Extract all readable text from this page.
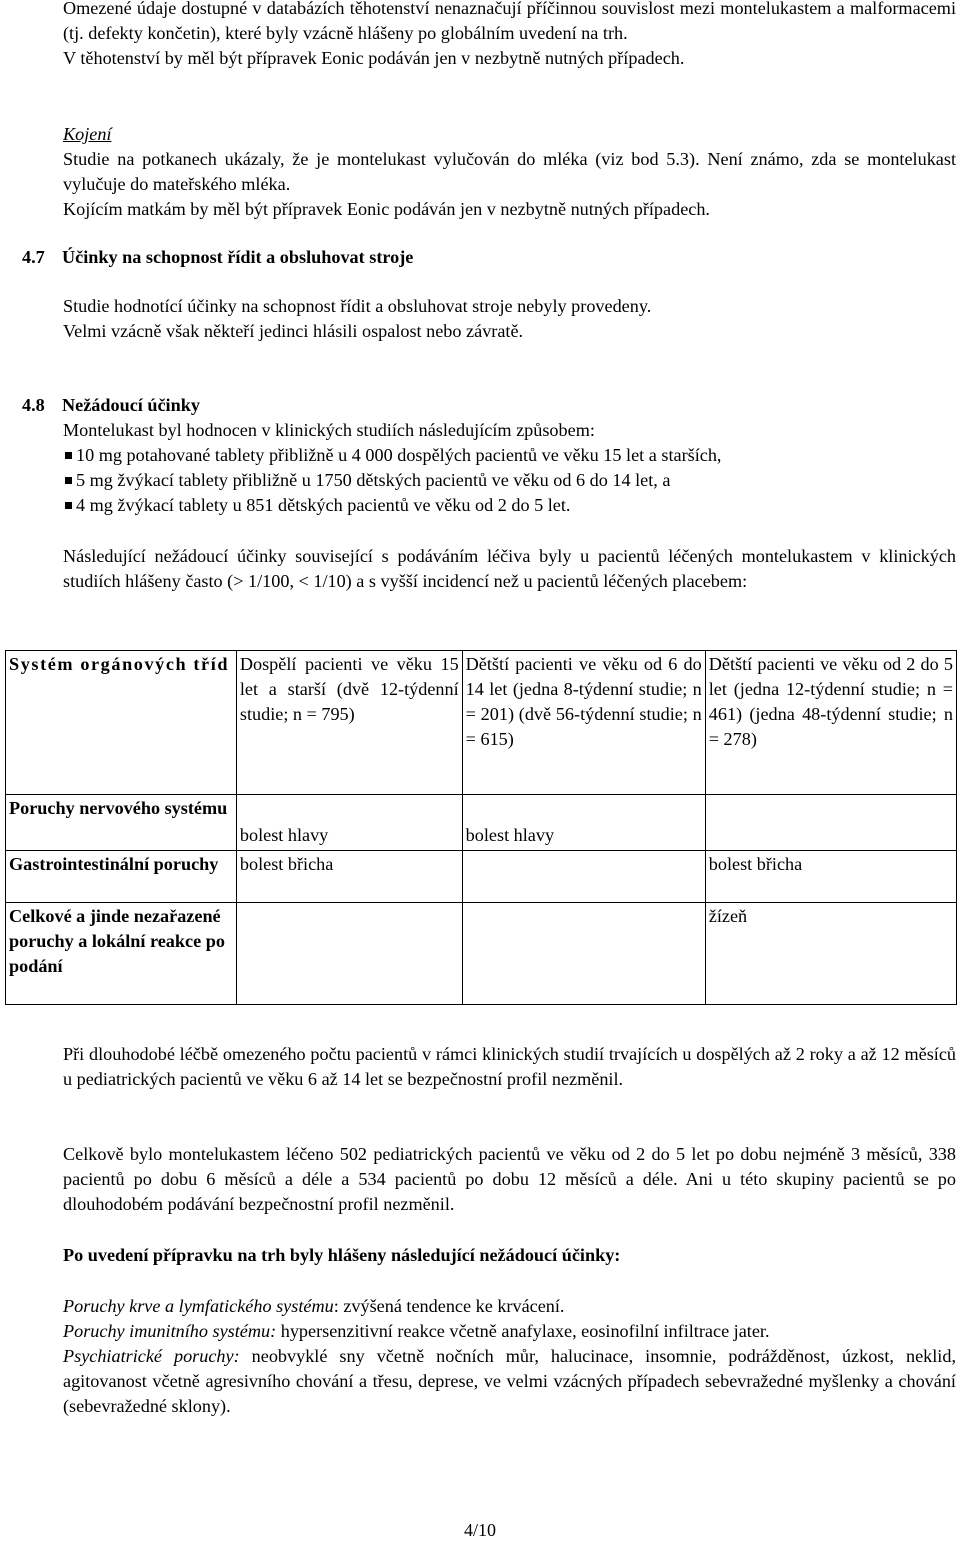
Omezené údaje dostupné v databázích těhotenství nenaznačují příčinnou souvislost mezi montelukastem a malformacemi (tj. defekty končetin), které byly vzácně hlášeny po globálním uvedení na trh.

V těhotenství by měl být přípravek Eonic podáván jen v nezbytně nutných případech.

Kojení

Studie na potkanech ukázaly, že je montelukast vylučován do mléka (viz bod 5.3). Není známo, zda se montelukast vylučuje do mateřského mléka.

Kojícím matkám by měl být přípravek Eonic podáván jen v nezbytně nutných případech.

4.7 Účinky na schopnost řídit a obsluhovat stroje

Studie hodnotící účinky na schopnost řídit a obsluhovat stroje nebyly provedeny.

Velmi vzácně však někteří jedinci hlásili ospalost nebo závratě.

4.8 Nežádoucí účinky

Montelukast byl hodnocen v klinických studiích následujícím způsobem:

10 mg potahované tablety přibližně u 4 000 dospělých pacientů ve věku 15 let a starších,
5 mg žvýkací tablety přibližně u 1750 dětských pacientů ve věku od 6 do 14 let, a
4 mg žvýkací tablety u 851 dětských pacientů ve věku od 2 do 5 let.

Následující nežádoucí účinky související s podáváním léčiva byly u pacientů léčených montelukastem v klinických studiích hlášeny často (> 1/100, < 1/10) a s vyšší incidencí než u pacientů léčených placebem:

Systém orgánových tříd	Dospělí pacienti ve věku 15 let a starší (dvě 12-týdenní studie; n = 795)	Dětští pacienti ve věku od 6 do 14 let (jedna 8-týdenní studie; n = 201) (dvě 56-týdenní studie; n = 615)	Dětští pacienti ve věku od 2 do 5 let (jedna 12-týdenní studie; n = 461) (jedna 48-týdenní studie; n = 278)
Poruchy nervového systému	bolest hlavy	bolest hlavy	
Gastrointestinální poruchy	bolest břicha		bolest břicha
Celkové a jinde nezařazené poruchy a lokální reakce po podání			žízeň

Při dlouhodobé léčbě omezeného počtu pacientů v rámci klinických studií trvajících u dospělých až 2 roky a až 12 měsíců u pediatrických pacientů ve věku 6 až 14 let se bezpečnostní profil nezměnil.

Celkově bylo montelukastem léčeno 502 pediatrických pacientů ve věku od 2 do 5 let po dobu nejméně 3 měsíců, 338 pacientů po dobu 6 měsíců a déle a 534 pacientů po dobu 12 měsíců a déle. Ani u této skupiny pacientů se po dlouhodobém podávání bezpečnostní profil nezměnil.

Po uvedení přípravku na trh byly hlášeny následující nežádoucí účinky:

Poruchy krve a lymfatického systému: zvýšená tendence ke krvácení.

Poruchy imunitního systému: hypersenzitivní reakce včetně anafylaxe, eosinofilní infiltrace jater.

Psychiatrické poruchy: neobvyklé sny včetně nočních můr, halucinace, insomnie, podrážděnost, úzkost, neklid, agitovanost včetně agresivního chování a třesu, deprese, ve velmi vzácných případech sebevražedné myšlenky a chování (sebevražedné sklony).

4/10
